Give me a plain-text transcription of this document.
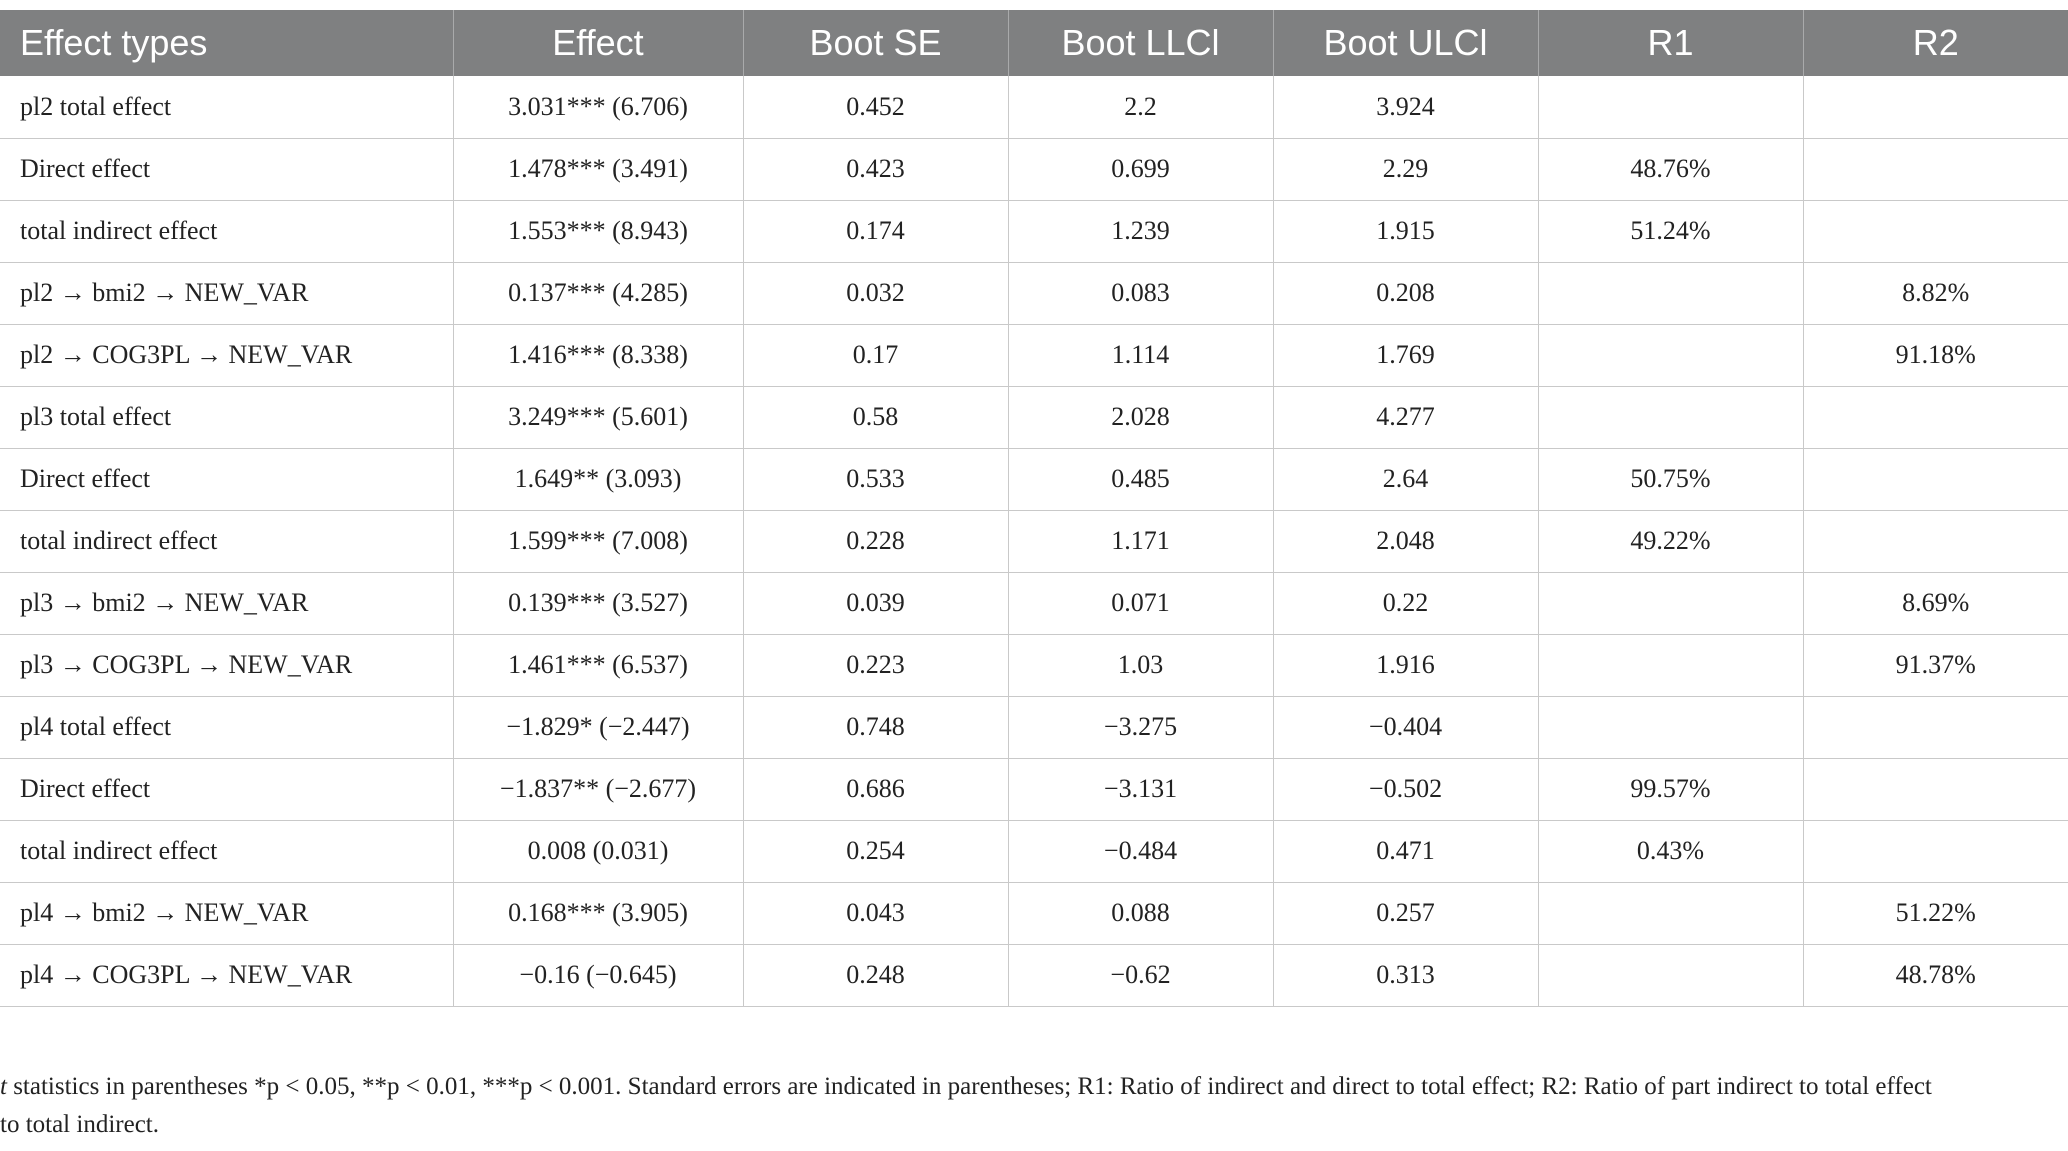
Effect types	Effect	Boot SE	Boot LLCl	Boot ULCl	R1	R2
pl2 total effect	3.031*** (6.706)	0.452	2.2	3.924		
Direct effect	1.478*** (3.491)	0.423	0.699	2.29	48.76%	
total indirect effect	1.553*** (8.943)	0.174	1.239	1.915	51.24%	
pl2 → bmi2 → NEW_VAR	0.137*** (4.285)	0.032	0.083	0.208		8.82%
pl2 → COG3PL → NEW_VAR	1.416*** (8.338)	0.17	1.114	1.769		91.18%
pl3 total effect	3.249*** (5.601)	0.58	2.028	4.277		
Direct effect	1.649** (3.093)	0.533	0.485	2.64	50.75%	
total indirect effect	1.599*** (7.008)	0.228	1.171	2.048	49.22%	
pl3 → bmi2 → NEW_VAR	0.139*** (3.527)	0.039	0.071	0.22		8.69%
pl3 → COG3PL → NEW_VAR	1.461*** (6.537)	0.223	1.03	1.916		91.37%
pl4 total effect	−1.829* (−2.447)	0.748	−3.275	−0.404		
Direct effect	−1.837** (−2.677)	0.686	−3.131	−0.502	99.57%	
total indirect effect	0.008 (0.031)	0.254	−0.484	0.471	0.43%	
pl4 → bmi2 → NEW_VAR	0.168*** (3.905)	0.043	0.088	0.257		51.22%
pl4 → COG3PL → NEW_VAR	−0.16 (−0.645)	0.248	−0.62	0.313		48.78%
t statistics in parentheses *p < 0.05, **p < 0.01, ***p < 0.001. Standard errors are indicated in parentheses; R1: Ratio of indirect and direct to total effect; R2: Ratio of part indirect to total effect
to total indirect.
